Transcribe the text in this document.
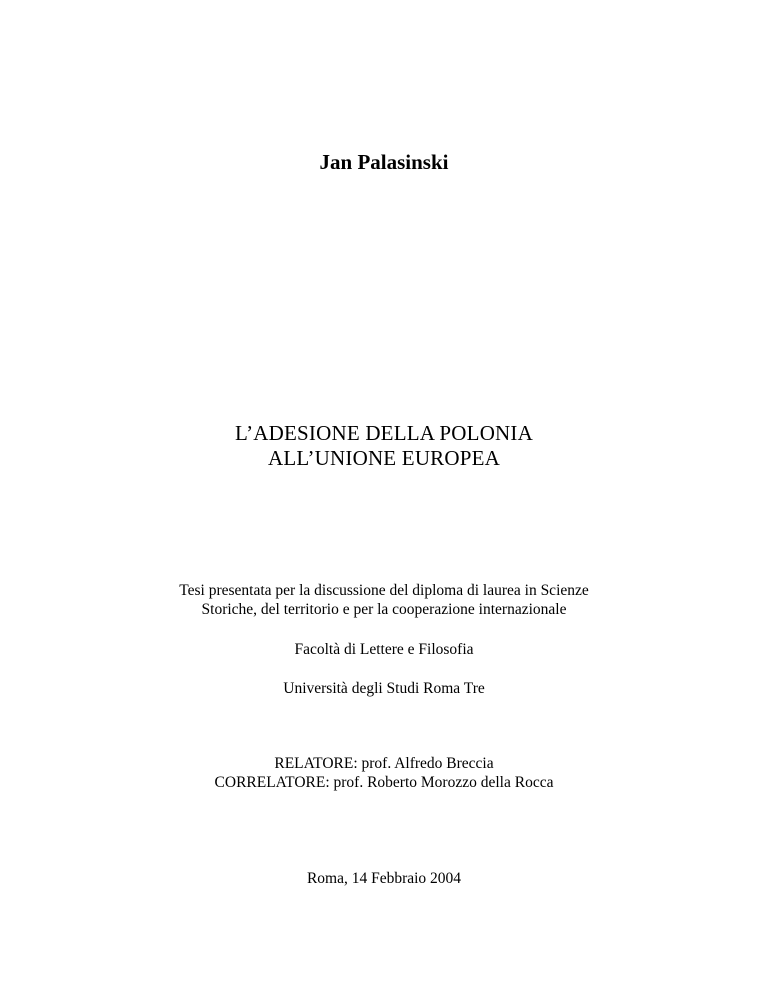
Jan Palasinski
L’ADESIONE DELLA POLONIA
ALL’UNIONE EUROPEA
Tesi presentata per la discussione del diploma di laurea in Scienze
Storiche, del territorio e per la cooperazione internazionale
Facoltà di Lettere e Filosofia
Università degli Studi Roma Tre
RELATORE: prof. Alfredo Breccia
CORRELATORE: prof. Roberto Morozzo della Rocca
Roma, 14 Febbraio 2004
